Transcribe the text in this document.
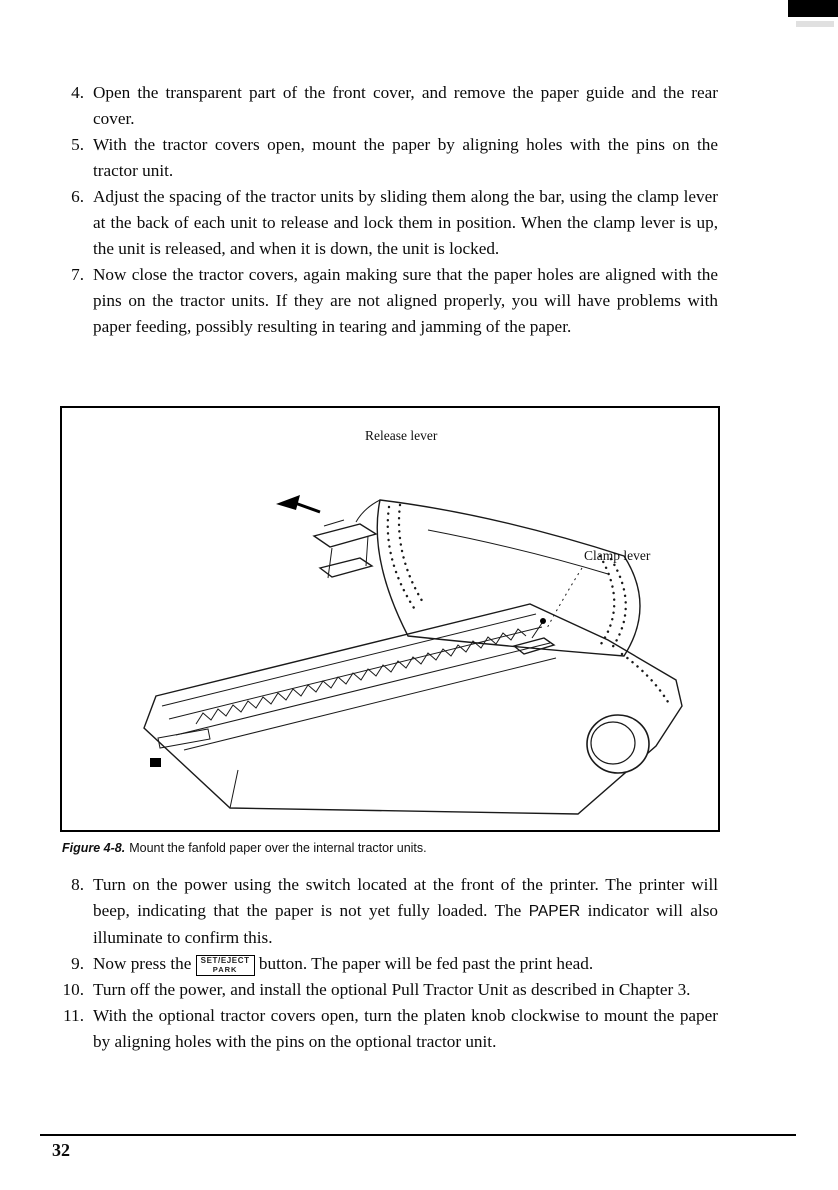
4. Open the transparent part of the front cover, and remove the paper guide and the rear cover.
5. With the tractor covers open, mount the paper by aligning holes with the pins on the tractor unit.
6. Adjust the spacing of the tractor units by sliding them along the bar, using the clamp lever at the back of each unit to release and lock them in position. When the clamp lever is up, the unit is released, and when it is down, the unit is locked.
7. Now close the tractor covers, again making sure that the paper holes are aligned with the pins on the tractor units. If they are not aligned properly, you will have problems with paper feeding, possibly resulting in tearing and jamming of the paper.
Release lever
Clamp lever
Figure 4-8. Mount the fanfold paper over the internal tractor units.
8. Turn on the power using the switch located at the front of the printer. The printer will beep, indicating that the paper is not yet fully loaded. The PAPER indicator will also illuminate to confirm this.
9. Now press the SET/EJECT
PARK button. The paper will be fed past the print head.
10. Turn off the power, and install the optional Pull Tractor Unit as described in Chapter 3.
11. With the optional tractor covers open, turn the platen knob clockwise to mount the paper by aligning holes with the pins on the optional tractor unit.
32
